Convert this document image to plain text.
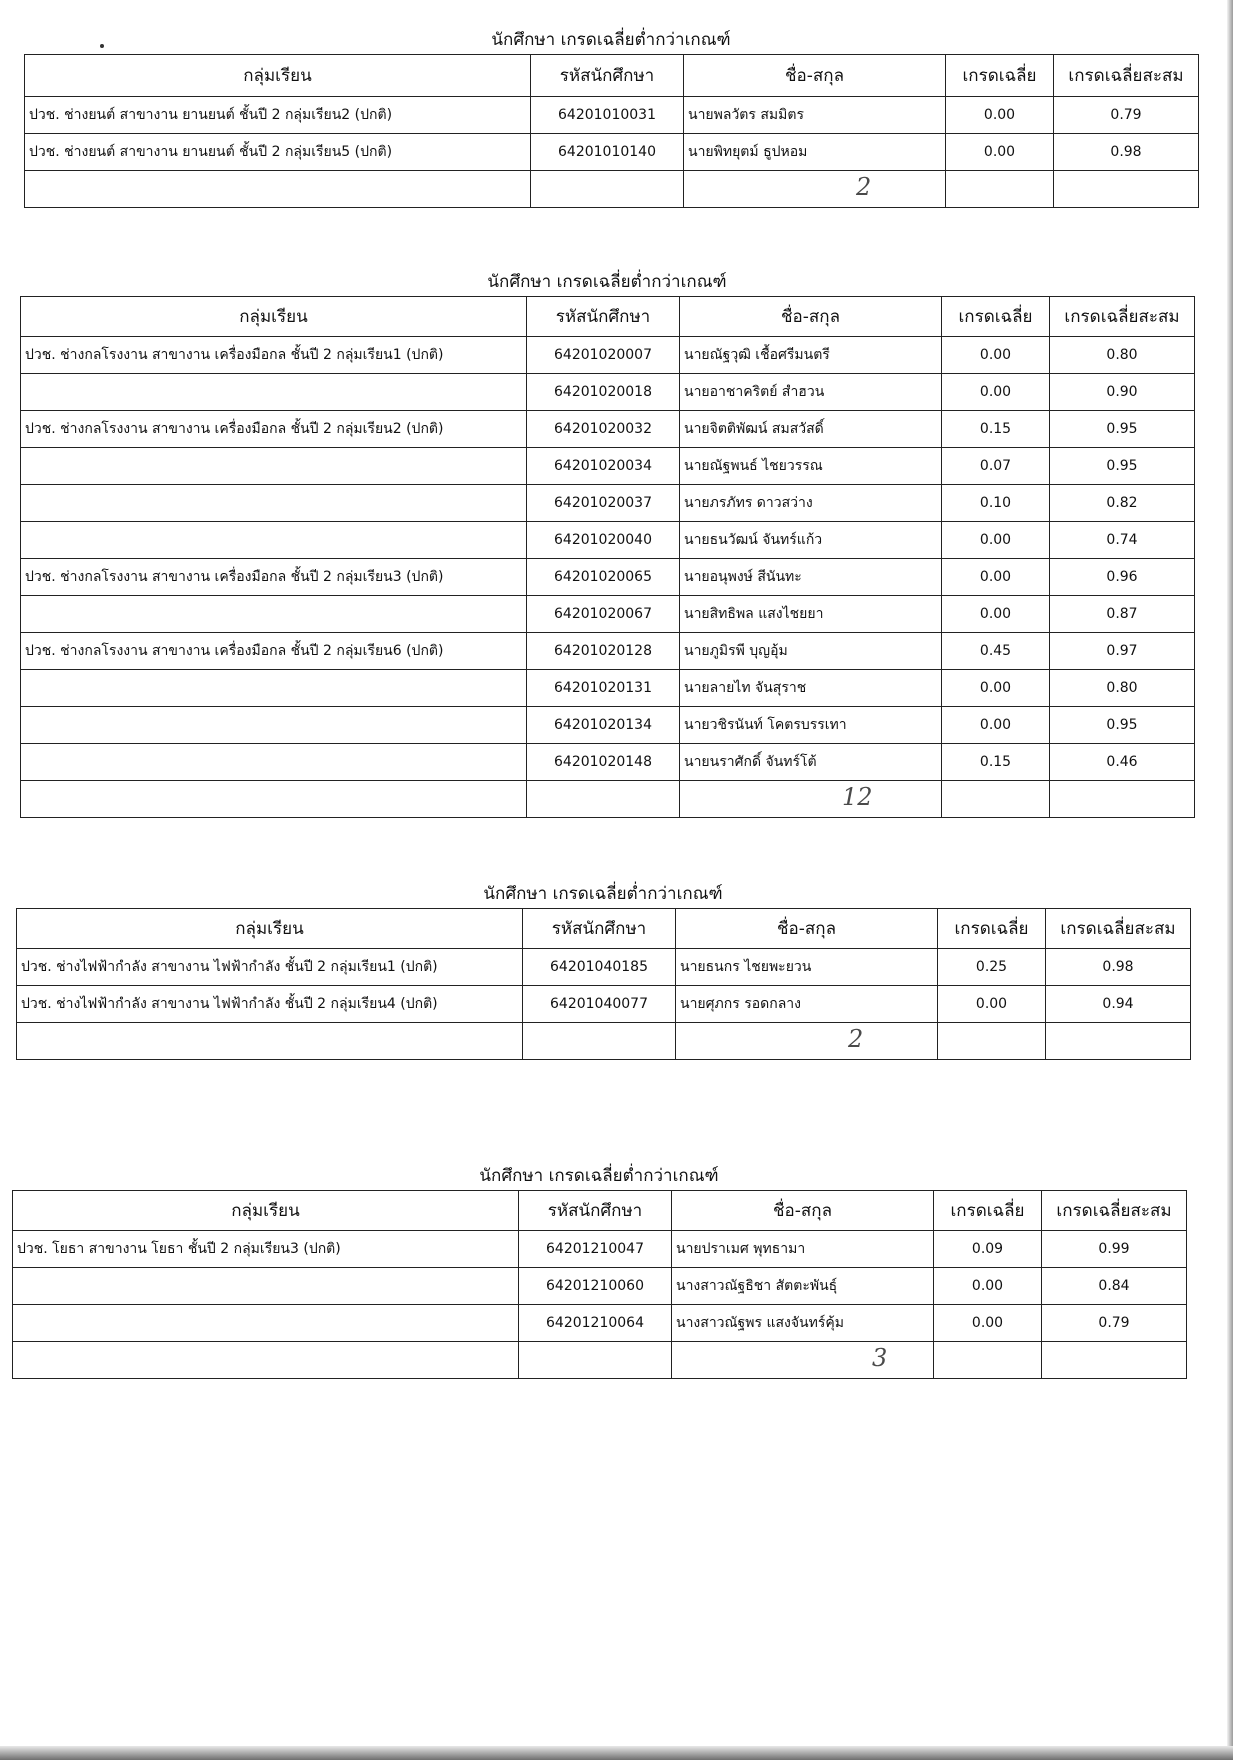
นักศึกษา เกรดเฉลี่ยต่ำกว่าเกณฑ์
กลุ่มเรียน	รหัสนักศึกษา	ชื่อ-สกุล	เกรดเฉลี่ย	เกรดเฉลี่ยสะสม
ปวช. ช่างยนต์ สาขางาน ยานยนต์ ชั้นปี 2 กลุ่มเรียน2 (ปกติ)	64201010031	นายพลวัตร สมมิตร	0.00	0.79
ปวช. ช่างยนต์ สาขางาน ยานยนต์ ชั้นปี 2 กลุ่มเรียน5 (ปกติ)	64201010140	นายพิทยุตม์ ธูปหอม	0.00	0.98

		2		

นักศึกษา เกรดเฉลี่ยต่ำกว่าเกณฑ์
กลุ่มเรียน	รหัสนักศึกษา	ชื่อ-สกุล	เกรดเฉลี่ย	เกรดเฉลี่ยสะสม
ปวช. ช่างกลโรงงาน สาขางาน เครื่องมือกล ชั้นปี 2 กลุ่มเรียน1 (ปกติ)	64201020007	นายณัฐวุฒิ เชื้อศรีมนตรี	0.00	0.80
	64201020018	นายอาชาคริตย์ สำฮวน	0.00	0.90
ปวช. ช่างกลโรงงาน สาขางาน เครื่องมือกล ชั้นปี 2 กลุ่มเรียน2 (ปกติ)	64201020032	นายจิตติพัฒน์ สมสวัสดิ์	0.15	0.95
	64201020034	นายณัฐพนธ์ ไชยวรรณ	0.07	0.95
	64201020037	นายภรภัทร ดาวสว่าง	0.10	0.82
	64201020040	นายธนวัฒน์ จันทร์แก้ว	0.00	0.74
ปวช. ช่างกลโรงงาน สาขางาน เครื่องมือกล ชั้นปี 2 กลุ่มเรียน3 (ปกติ)	64201020065	นายอนุพงษ์ สีนันทะ	0.00	0.96
	64201020067	นายสิทธิพล แสงไชยยา	0.00	0.87
ปวช. ช่างกลโรงงาน สาขางาน เครื่องมือกล ชั้นปี 2 กลุ่มเรียน6 (ปกติ)	64201020128	นายภูมิรพี บุญอุ้ม	0.45	0.97
	64201020131	นายลายไท จันสุราช	0.00	0.80
	64201020134	นายวชิรนันท์ โคตรบรรเทา	0.00	0.95
	64201020148	นายนราศักดิ์ จันทร์โต้	0.15	0.46

		12		

นักศึกษา เกรดเฉลี่ยต่ำกว่าเกณฑ์
กลุ่มเรียน	รหัสนักศึกษา	ชื่อ-สกุล	เกรดเฉลี่ย	เกรดเฉลี่ยสะสม
ปวช. ช่างไฟฟ้ากำลัง สาขางาน ไฟฟ้ากำลัง ชั้นปี 2 กลุ่มเรียน1 (ปกติ)	64201040185	นายธนกร ไชยพะยวน	0.25	0.98
ปวช. ช่างไฟฟ้ากำลัง สาขางาน ไฟฟ้ากำลัง ชั้นปี 2 กลุ่มเรียน4 (ปกติ)	64201040077	นายศุภกร รอดกลาง	0.00	0.94

		2		

นักศึกษา เกรดเฉลี่ยต่ำกว่าเกณฑ์
กลุ่มเรียน	รหัสนักศึกษา	ชื่อ-สกุล	เกรดเฉลี่ย	เกรดเฉลี่ยสะสม
ปวช. โยธา สาขางาน โยธา ชั้นปี 2 กลุ่มเรียน3 (ปกติ)	64201210047	นายปราเมศ พุทธามา	0.09	0.99
	64201210060	นางสาวณัฐธิชา สัตตะพันธุ์	0.00	0.84
	64201210064	นางสาวณัฐพร แสงจันทร์คุ้ม	0.00	0.79

		3		
